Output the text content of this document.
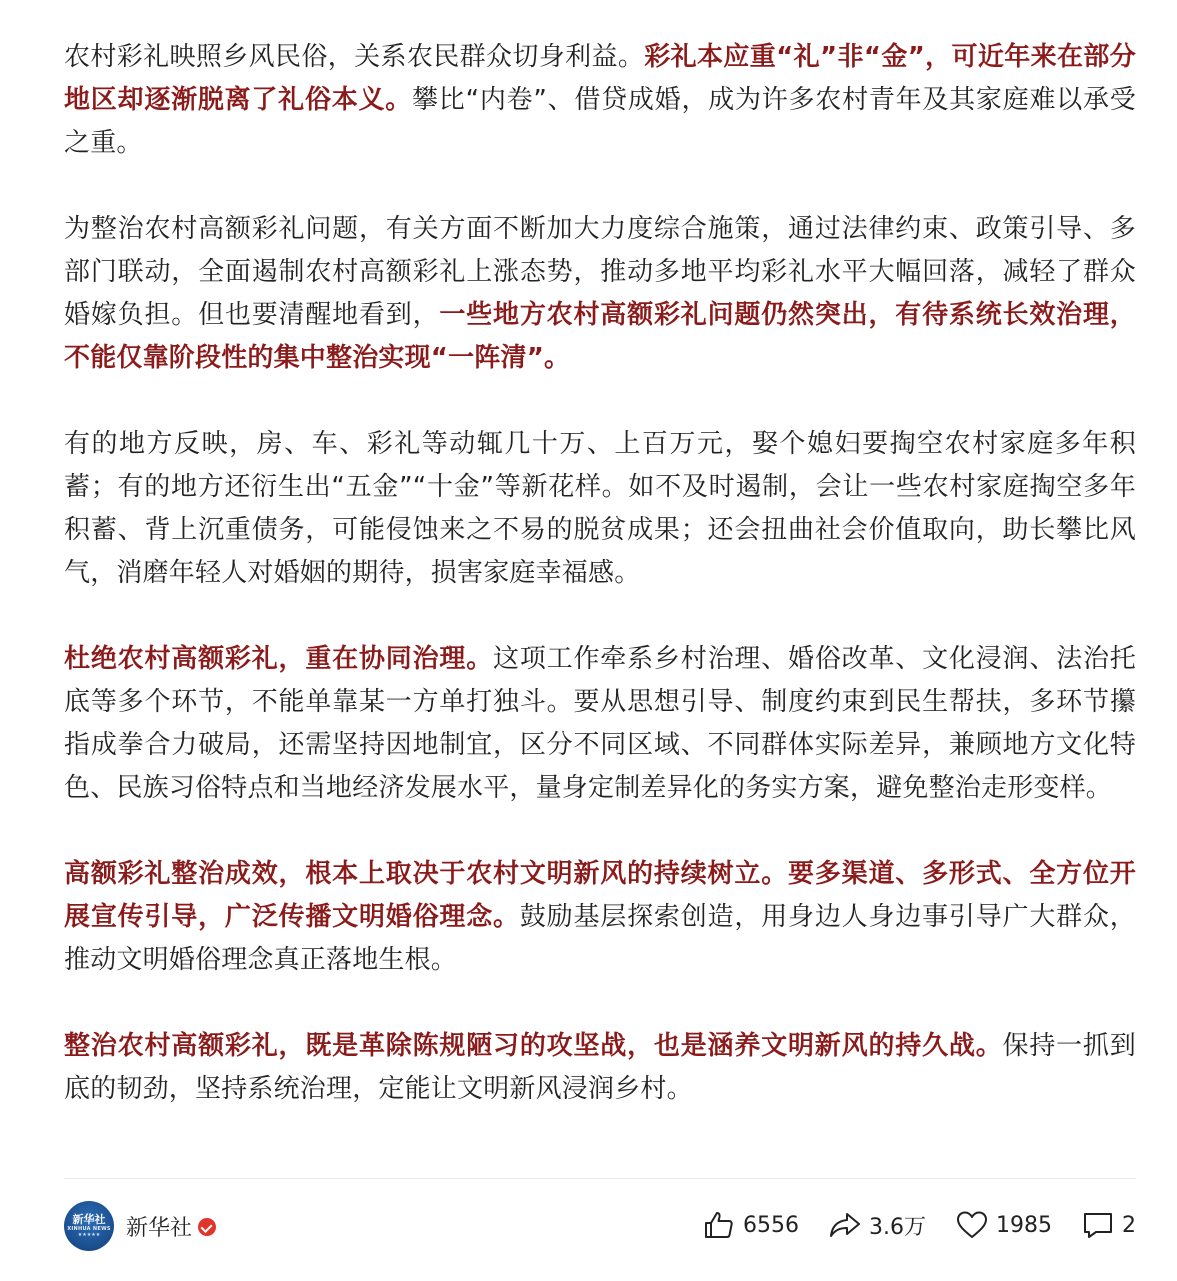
农村彩礼映照乡风民俗，关系农民群众切身利益。彩礼本应重“礼”非“金”，可近年来在部分地区却逐渐脱离了礼俗本义。攀比“内卷”、借贷成婚，成为许多农村青年及其家庭难以承受之重。

为整治农村高额彩礼问题，有关方面不断加大力度综合施策，通过法律约束、政策引导、多部门联动，全面遏制农村高额彩礼上涨态势，推动多地平均彩礼水平大幅回落，减轻了群众婚嫁负担。但也要清醒地看到，一些地方农村高额彩礼问题仍然突出，有待系统长效治理，不能仅靠阶段性的集中整治实现“一阵清”。

有的地方反映，房、车、彩礼等动辄几十万、上百万元，娶个媳妇要掏空农村家庭多年积蓄；有的地方还衍生出“五金”“十金”等新花样。如不及时遏制，会让一些农村家庭掏空多年积蓄、背上沉重债务，可能侵蚀来之不易的脱贫成果；还会扭曲社会价值取向，助长攀比风气，消磨年轻人对婚姻的期待，损害家庭幸福感。

杜绝农村高额彩礼，重在协同治理。这项工作牵系乡村治理、婚俗改革、文化浸润、法治托底等多个环节，不能单靠某一方单打独斗。要从思想引导、制度约束到民生帮扶，多环节攥指成拳合力破局，还需坚持因地制宜，区分不同区域、不同群体实际差异，兼顾地方文化特色、民族习俗特点和当地经济发展水平，量身定制差异化的务实方案，避免整治走形变样。

高额彩礼整治成效，根本上取决于农村文明新风的持续树立。要多渠道、多形式、全方位开展宣传引导，广泛传播文明婚俗理念。鼓励基层探索创造，用身边人身边事引导广大群众，推动文明婚俗理念真正落地生根。

整治农村高额彩礼，既是革除陈规陋习的攻坚战，也是涵养文明新风的持久战。保持一抓到底的韧劲，坚持系统治理，定能让文明新风浸润乡村。

新华社
XINHUA NEWS
★★★★★ 新华社	6556	3.6万	1985	2
